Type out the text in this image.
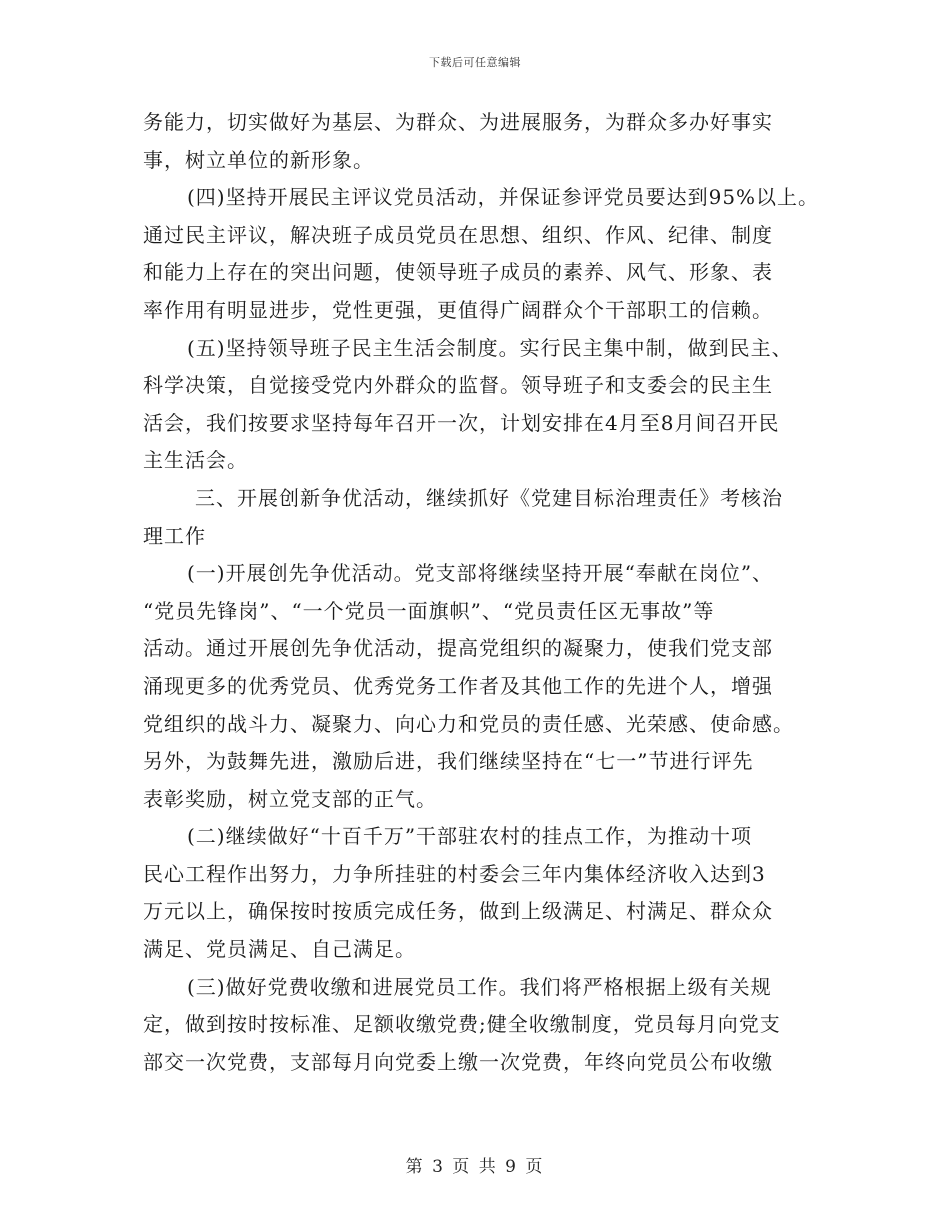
下载后可任意编辑
务能力，切实做好为基层、为群众、为进展服务，为群众多办好事实
事，树立单位的新形象。
(四)坚持开展民主评议党员活动，并保证参评党员要达到95%以上。
通过民主评议，解决班子成员党员在思想、组织、作风、纪律、制度
和能力上存在的突出问题，使领导班子成员的素养、风气、形象、表
率作用有明显进步，党性更强，更值得广阔群众个干部职工的信赖。
(五)坚持领导班子民主生活会制度。实行民主集中制，做到民主、
科学决策，自觉接受党内外群众的监督。领导班子和支委会的民主生
活会，我们按要求坚持每年召开一次，计划安排在4月至8月间召开民
主生活会。
三、开展创新争优活动，继续抓好《党建目标治理责任》考核治
理工作
(一)开展创先争优活动。党支部将继续坚持开展“奉献在岗位”、
“党员先锋岗”、“一个党员一面旗帜”、“党员责任区无事故”等
活动。通过开展创先争优活动，提高党组织的凝聚力，使我们党支部
涌现更多的优秀党员、优秀党务工作者及其他工作的先进个人，增强
党组织的战斗力、凝聚力、向心力和党员的责任感、光荣感、使命感。
另外，为鼓舞先进，激励后进，我们继续坚持在“七一”节进行评先
表彰奖励，树立党支部的正气。
(二)继续做好“十百千万”干部驻农村的挂点工作，为推动十项
民心工程作出努力，力争所挂驻的村委会三年内集体经济收入达到3
万元以上，确保按时按质完成任务，做到上级满足、村满足、群众众
满足、党员满足、自己满足。
(三)做好党费收缴和进展党员工作。我们将严格根据上级有关规
定，做到按时按标准、足额收缴党费;健全收缴制度，党员每月向党支
部交一次党费，支部每月向党委上缴一次党费，年终向党员公布收缴
第 3 页 共 9 页
